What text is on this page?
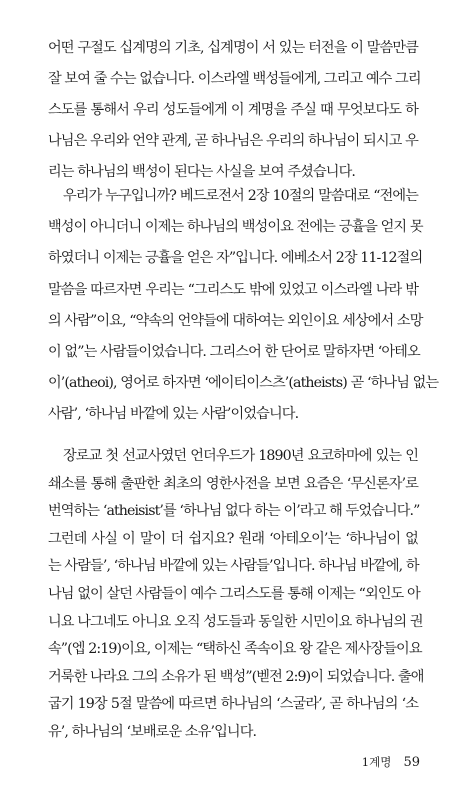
어떤 구절도 십계명의 기초, 십계명이 서 있는 터전을 이 말씀만큼
잘 보여 줄 수는 없습니다. 이스라엘 백성들에게, 그리고 예수 그리
스도를 통해서 우리 성도들에게 이 계명을 주실 때 무엇보다도 하
나님은 우리와 언약 관계, 곧 하나님은 우리의 하나님이 되시고 우
리는 하나님의 백성이 된다는 사실을 보여 주셨습니다.
우리가 누구입니까? 베드로전서 2장 10절의 말씀대로 “전에는
백성이 아니더니 이제는 하나님의 백성이요 전에는 긍휼을 얻지 못
하였더니 이제는 긍휼을 얻은 자”입니다. 에베소서 2장 11-12절의
말씀을 따르자면 우리는 “그리스도 밖에 있었고 이스라엘 나라 밖
의 사람”이요, “약속의 언약들에 대하여는 외인이요 세상에서 소망
이 없”는 사람들이었습니다. 그리스어 한 단어로 말하자면 ‘아테오
이’(atheoi), 영어로 하자면 ‘에이티이스츠’(atheists) 곧 ‘하나님 없는
사람’, ‘하나님 바깥에 있는 사람’이었습니다.
장로교 첫 선교사였던 언더우드가 1890년 요코하마에 있는 인
쇄소를 통해 출판한 최초의 영한사전을 보면 요즘은 ‘무신론자’로
번역하는 ‘atheisist’를 ‘하나님 없다 하는 이’라고 해 두었습니다.”
그런데 사실 이 말이 더 쉽지요? 원래 ‘아테오이’는 ‘하나님이 없
는 사람들’, ‘하나님 바깥에 있는 사람들’입니다. 하나님 바깥에, 하
나님 없이 살던 사람들이 예수 그리스도를 통해 이제는 “외인도 아
니요 나그네도 아니요 오직 성도들과 동일한 시민이요 하나님의 권
속”(엡 2:19)이요, 이제는 “택하신 족속이요 왕 같은 제사장들이요
거룩한 나라요 그의 소유가 된 백성”(벧전 2:9)이 되었습니다. 출애
굽기 19장 5절 말씀에 따르면 하나님의 ‘스굴라’, 곧 하나님의 ‘소
유’, 하나님의 ‘보배로운 소유’입니다.
1계명 59
